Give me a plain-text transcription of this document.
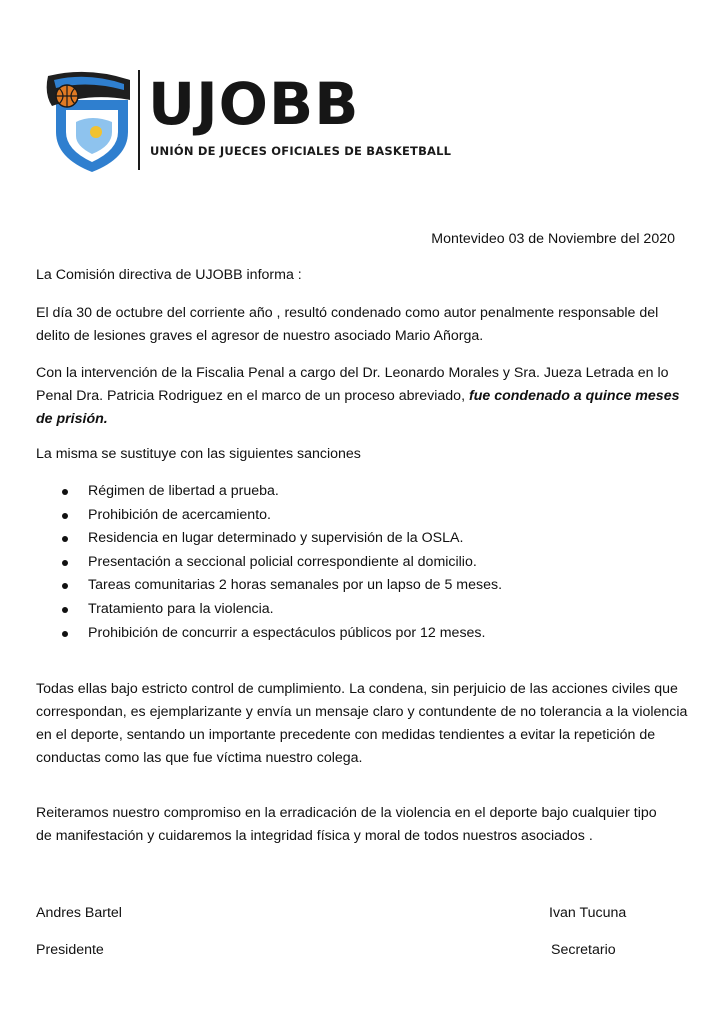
UJOBB
UNIÓN DE JUECES OFICIALES DE BASKETBALL

Montevideo 03 de Noviembre del 2020

La Comisión directiva de UJOBB informa :

El día 30 de octubre del corriente año , resultó condenado como autor penalmente responsable del delito de lesiones graves el agresor de nuestro asociado Mario Añorga.

Con la intervención de la Fiscalia Penal a cargo del Dr. Leonardo Morales y Sra. Jueza Letrada en lo Penal Dra. Patricia Rodriguez en el marco de un proceso abreviado, fue condenado a quince meses de prisión.

La misma se sustituye con las siguientes sanciones

Régimen de libertad a prueba.
Prohibición de acercamiento.
Residencia en lugar determinado y supervisión de la OSLA.
Presentación a seccional policial correspondiente al domicilio.
Tareas comunitarias 2 horas semanales por un lapso de 5 meses.
Tratamiento para la violencia.
Prohibición de concurrir a espectáculos públicos por 12 meses.

Todas ellas bajo estricto control de cumplimiento. La condena, sin perjuicio de las acciones civiles que correspondan, es ejemplarizante y envía un mensaje claro y contundente de no tolerancia a la violencia en el deporte, sentando un importante precedente con medidas tendientes a evitar la repetición de conductas como las que fue víctima nuestro colega.

Reiteramos nuestro compromiso en la erradicación de la violencia en el deporte bajo cualquier tipo de manifestación y cuidaremos la integridad física y moral de todos nuestros asociados .

Andres Bartel
Presidente
Ivan Tucuna
Secretario
